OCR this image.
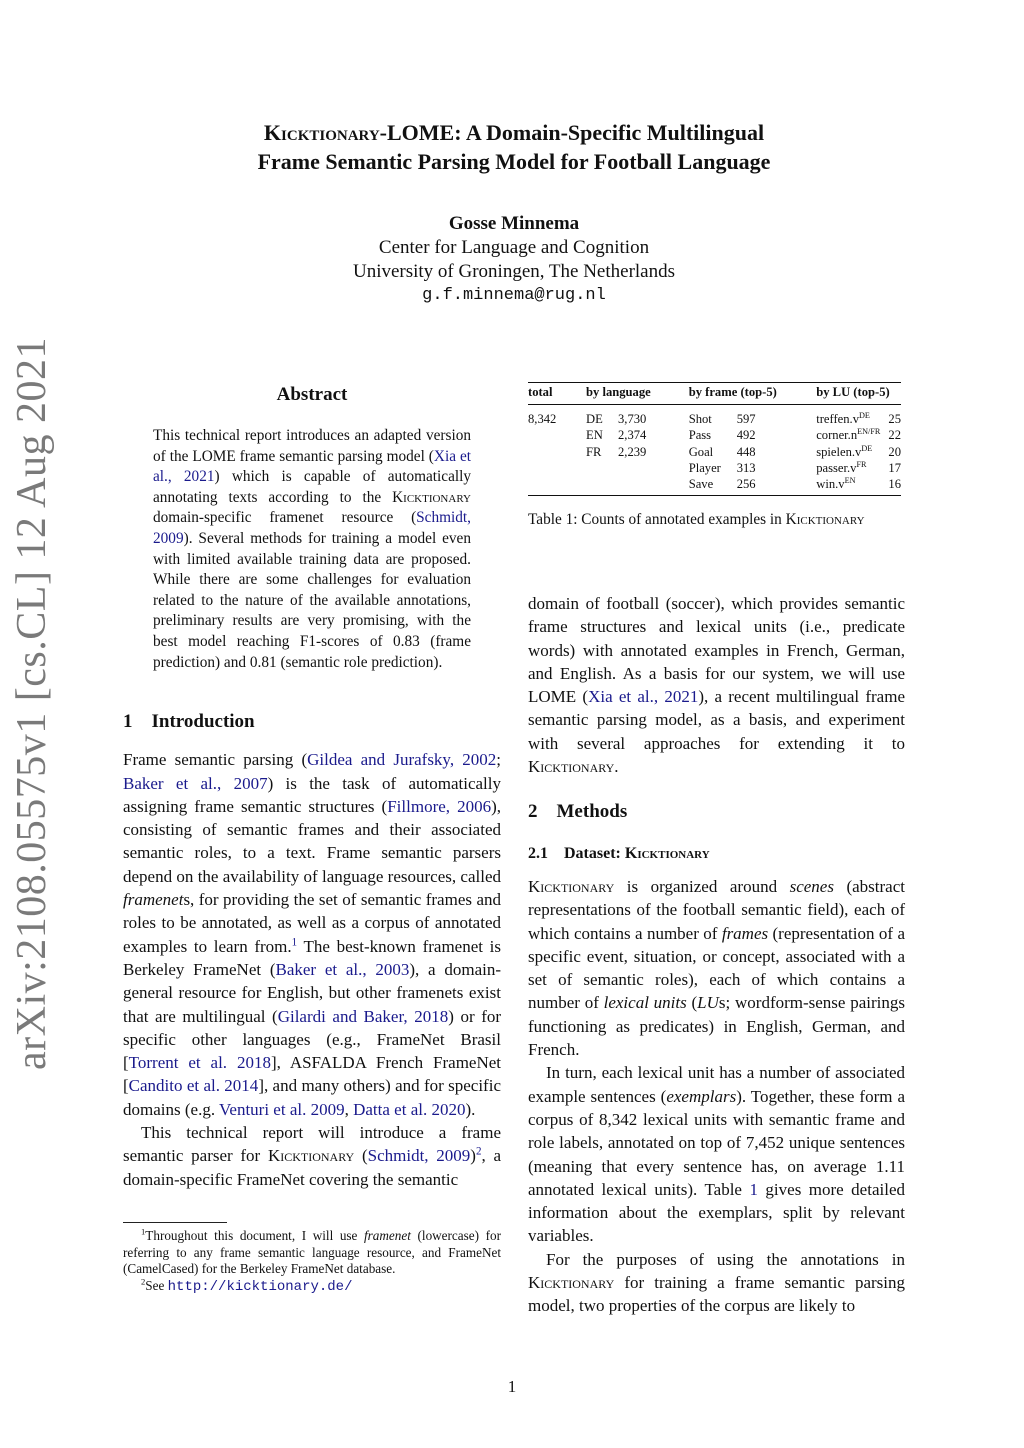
arXiv:2108.05575v1 [cs.CL] 12 Aug 2021
Kicktionary-LOME: A Domain-Specific Multilingual
Frame Semantic Parsing Model for Football Language
Gosse Minnema
Center for Language and Cognition
University of Groningen, The Netherlands
g.f.minnema@rug.nl
Abstract
This technical report introduces an adapted version of the LOME frame semantic parsing model (Xia et al., 2021) which is capable of automatically annotating texts according to the Kicktionary domain-specific framenet resource (Schmidt, 2009). Several methods for training a model even with limited available training data are proposed. While there are some challenges for evaluation related to the nature of the available annotations, preliminary results are very promising, with the best model reaching F1-scores of 0.83 (frame prediction) and 0.81 (semantic role prediction).
1 Introduction

Frame semantic parsing (Gildea and Jurafsky, 2002; Baker et al., 2007) is the task of automatically assigning frame semantic structures (Fillmore, 2006), consisting of semantic frames and their associated semantic roles, to a text. Frame semantic parsers depend on the availability of language resources, called framenets, for providing the set of semantic frames and roles to be annotated, as well as a corpus of annotated examples to learn from.$^1$ The best-known framenet is Berkeley FrameNet (Baker et al., 2003), a domain-general resource for English, but other framenets exist that are multilingual (Gilardi and Baker, 2018) or for specific other languages (e.g., FrameNet Brasil [Torrent et al. 2018], ASFALDA French FrameNet [Candito et al. 2014], and many others) and for specific domains (e.g. Venturi et al. 2009, Datta et al. 2020).

This technical report will introduce a frame semantic parser for Kicktionary (Schmidt, 2009)$^2$, a domain-specific FrameNet covering the semantic

$^1$Throughout this document, I will use framenet (lowercase) for referring to any frame semantic language resource, and FrameNet (CamelCased) for the Berkeley FrameNet database.
$^2$See http://kicktionary.de/
total	by language		by frame (top-5)		by LU (top-5)	
8,342	DE	3,730	Shot	597	$treffen.v^{DE}$	25
	EN	2,374	Pass	492	$corner.n^{EN/FR}$	22
	FR	2,239	Goal	448	$spielen.v^{DE}$	20
			Player	313	$passer.v^{FR}$	17
			Save	256	$win.v^{EN}$	16
Table 1: Counts of annotated examples in Kicktionary

domain of football (soccer), which provides semantic frame structures and lexical units (i.e., predicate words) with annotated examples in French, German, and English. As a basis for our system, we will use LOME (Xia et al., 2021), a recent multilingual frame semantic parsing model, as a basis, and experiment with several approaches for extending it to Kicktionary.

2 Methods
2.1 Dataset: Kicktionary

Kicktionary is organized around scenes (abstract representations of the football semantic field), each of which contains a number of frames (representation of a specific event, situation, or concept, associated with a set of semantic roles), each of which contains a number of lexical units (LUs; wordform-sense pairings functioning as predicates) in English, German, and French.

In turn, each lexical unit has a number of associated example sentences (exemplars). Together, these form a corpus of 8,342 lexical units with semantic frame and role labels, annotated on top of 7,452 unique sentences (meaning that every sentence has, on average 1.11 annotated lexical units). Table 1 gives more detailed information about the exemplars, split by relevant variables.

For the purposes of using the annotations in Kicktionary for training a frame semantic parsing model, two properties of the corpus are likely to

1
